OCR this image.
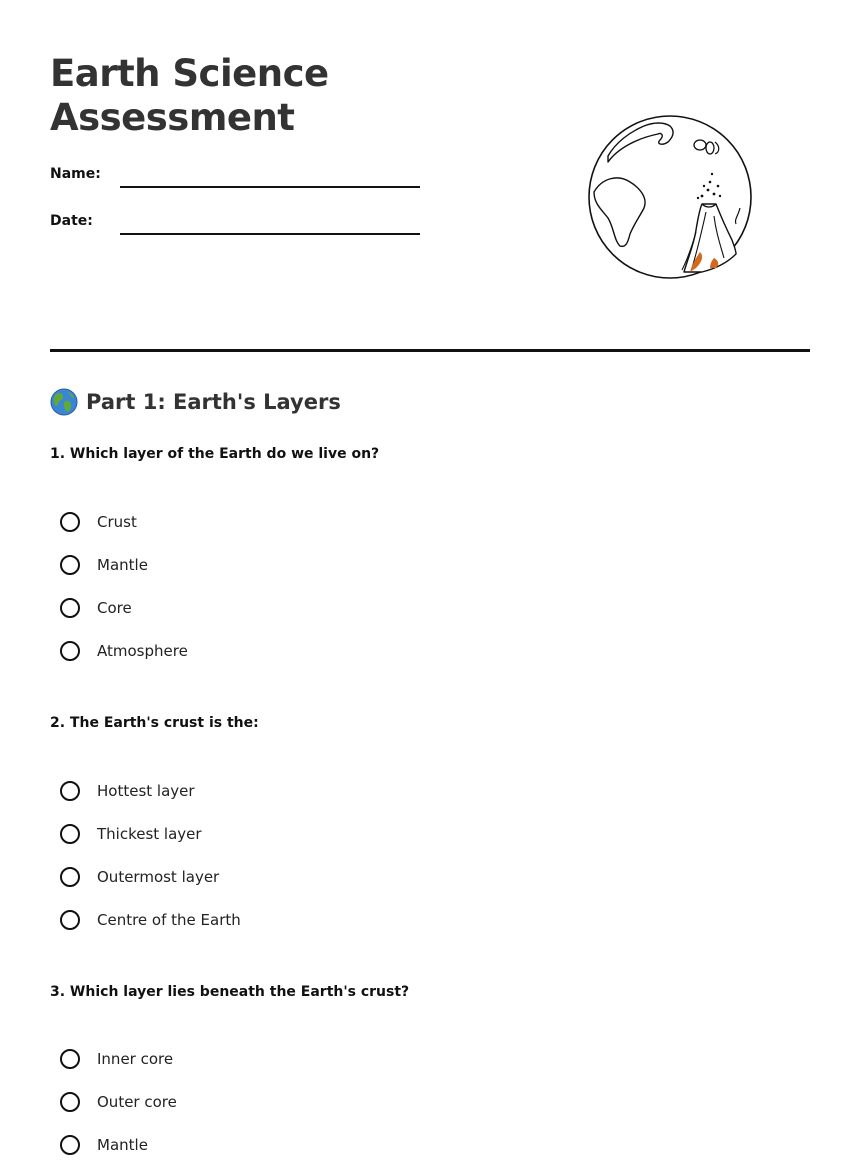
Earth Science
Assessment
Name:
Date:
Part 1: Earth's Layers

1. Which layer of the Earth do we live on?

Crust
Mantle
Core
Atmosphere

2. The Earth's crust is the:

Hottest layer
Thickest layer
Outermost layer
Centre of the Earth

3. Which layer lies beneath the Earth's crust?

Inner core
Outer core
Mantle
